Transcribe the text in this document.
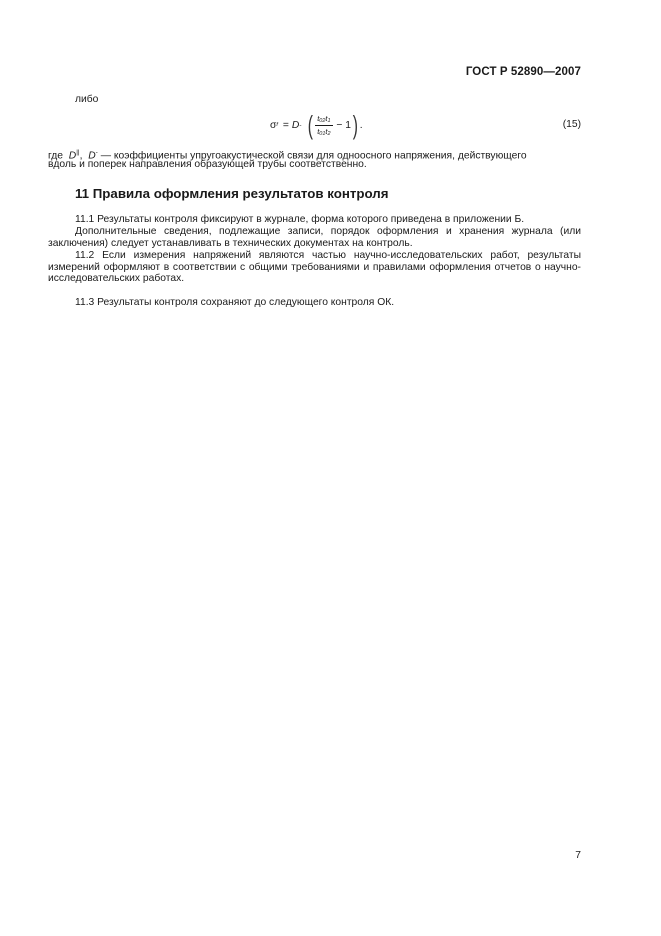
ГОСТ Р 52890—2007
либо
σ f = D - ( $\frac{t02t1}{t01t2} - 1$ ) .	(15)
где D||, D- — коэффициенты упругоакустической связи для одноосного напряжения, действующего
вдоль и поперек направления образующей трубы соответственно.
11 Правила оформления результатов контроля
11.1 Результаты контроля фиксируют в журнале, форма которого приведена в приложении Б.
Дополнительные сведения, подлежащие записи, порядок оформления и хранения журнала (или заключения) следует устанавливать в технических документах на контроль.
11.2 Если измерения напряжений являются частью научно-исследовательских работ, результаты измерений оформляют в соответствии с общими требованиями и правилами оформления отчетов о научно-исследовательских работах.
11.3 Результаты контроля сохраняют до следующего контроля ОК.
7
